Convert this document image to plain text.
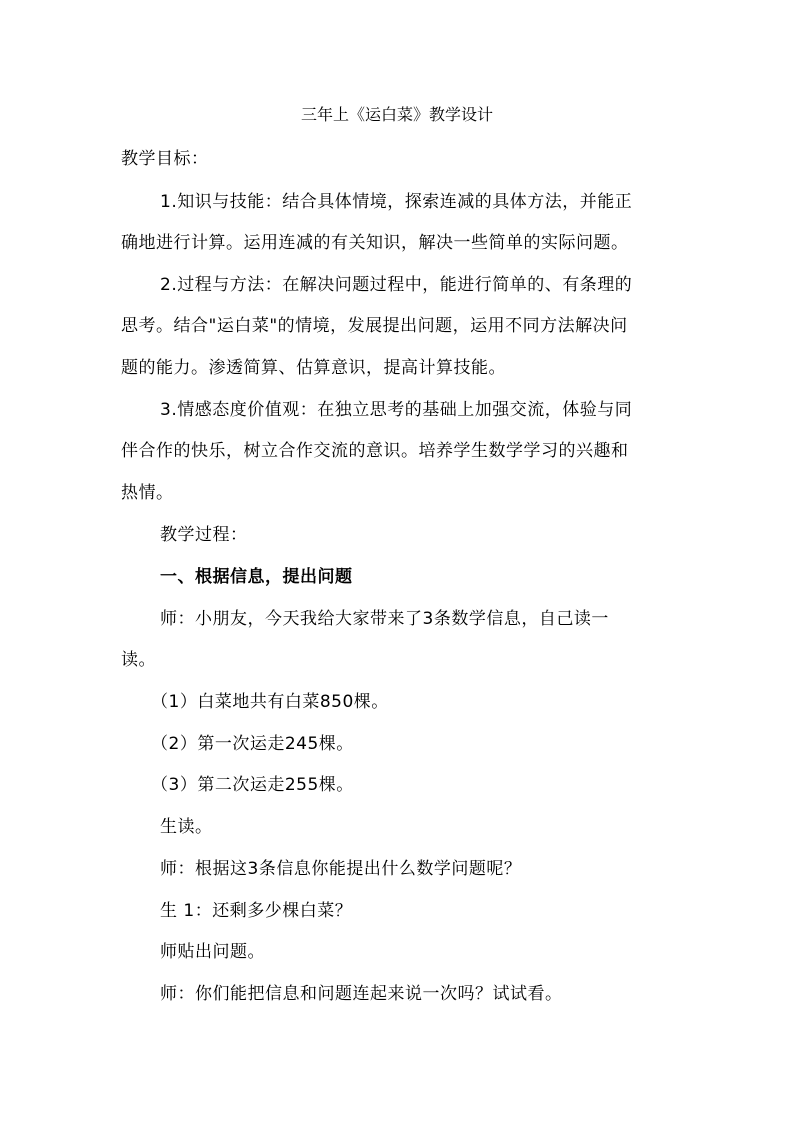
三年上《运白菜》教学设计
教学目标：
1.知识与技能：结合具体情境，探索连减的具体方法，并能正
确地进行计算。运用连减的有关知识，解决一些简单的实际问题。
2.过程与方法：在解决问题过程中，能进行简单的、有条理的
思考。结合"运白菜"的情境，发展提出问题，运用不同方法解决问
题的能力。渗透简算、估算意识，提高计算技能。
3.情感态度价值观：在独立思考的基础上加强交流，体验与同
伴合作的快乐，树立合作交流的意识。培养学生数学学习的兴趣和
热情。
教学过程：
一、根据信息，提出问题
师：小朋友，今天我给大家带来了3条数学信息，自己读一
读。
（1）白菜地共有白菜850棵。
（2）第一次运走245棵。
（3）第二次运走255棵。
生读。
师：根据这3条信息你能提出什么数学问题呢？
生 1：还剩多少棵白菜？
师贴出问题。
师：你们能把信息和问题连起来说一次吗？试试看。
